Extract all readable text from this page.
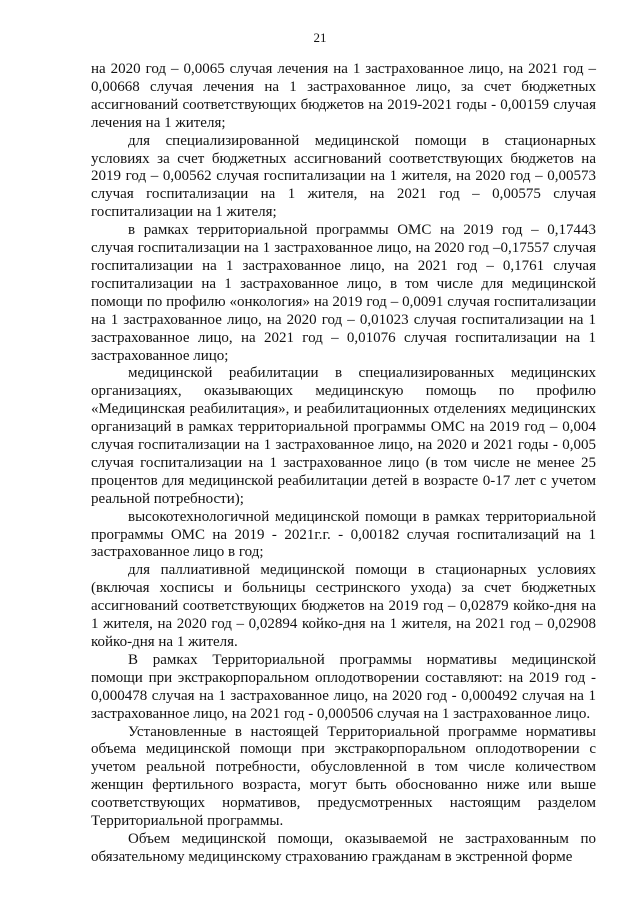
21

на 2020 год – 0,0065 случая лечения на 1 застрахованное лицо, на 2021 год – 0,00668 случая лечения на 1 застрахованное лицо, за счет бюджетных ассигнований соответствующих бюджетов на 2019-2021 годы - 0,00159 случая лечения на 1 жителя;

для специализированной медицинской помощи в стационарных условиях за счет бюджетных ассигнований соответствующих бюджетов на 2019 год – 0,00562 случая госпитализации на 1 жителя, на 2020 год – 0,00573 случая госпитализации на 1 жителя, на 2021 год – 0,00575 случая госпитализации на 1 жителя;

в рамках территориальной программы ОМС на 2019 год – 0,17443 случая госпитализации на 1 застрахованное лицо, на 2020 год –0,17557 случая госпитализации на 1 застрахованное лицо, на 2021 год – 0,1761 случая госпитализации на 1 застрахованное лицо, в том числе для медицинской помощи по профилю «онкология» на 2019 год – 0,0091 случая госпитализации на 1 застрахованное лицо, на 2020 год – 0,01023 случая госпитализации на 1 застрахованное лицо, на 2021 год – 0,01076 случая госпитализации на 1 застрахованное лицо;

медицинской реабилитации в специализированных медицинских организациях, оказывающих медицинскую помощь по профилю «Медицинская реабилитация», и реабилитационных отделениях медицинских организаций в рамках территориальной программы ОМС на 2019 год – 0,004 случая госпитализации на 1 застрахованное лицо, на 2020 и 2021 годы - 0,005 случая госпитализации на 1 застрахованное лицо (в том числе не менее 25 процентов для медицинской реабилитации детей в возрасте 0-17 лет с учетом реальной потребности);

высокотехнологичной медицинской помощи в рамках территориальной программы ОМС на 2019 - 2021г.г. - 0,00182 случая госпитализаций на 1 застрахованное лицо в год;

для паллиативной медицинской помощи в стационарных условиях (включая хосписы и больницы сестринского ухода) за счет бюджетных ассигнований соответствующих бюджетов на 2019 год – 0,02879 койко-дня на 1 жителя, на 2020 год – 0,02894 койко-дня на 1 жителя, на 2021 год – 0,02908 койко-дня на 1 жителя.

В рамках Территориальной программы нормативы медицинской помощи при экстракорпоральном оплодотворении составляют: на 2019 год - 0,000478 случая на 1 застрахованное лицо, на 2020 год - 0,000492 случая на 1 застрахованное лицо, на 2021 год - 0,000506 случая на 1 застрахованное лицо.

Установленные в настоящей Территориальной программе нормативы объема медицинской помощи при экстракорпоральном оплодотворении с учетом реальной потребности, обусловленной в том числе количеством женщин фертильного возраста, могут быть обоснованно ниже или выше соответствующих нормативов, предусмотренных настоящим разделом Территориальной программы.

Объем медицинской помощи, оказываемой не застрахованным по обязательному медицинскому страхованию гражданам в экстренной форме
